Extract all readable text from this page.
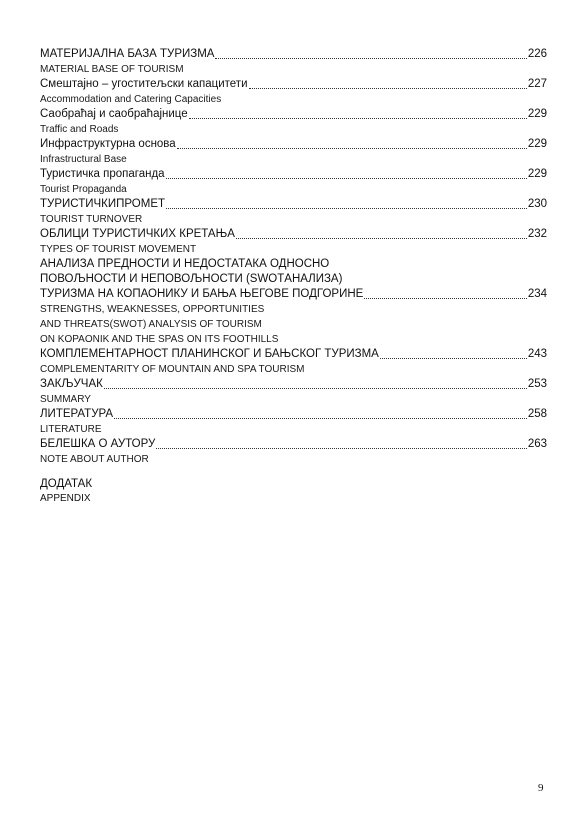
МАТЕРИЈАЛНА БАЗА ТУРИЗМА	226
MATERIAL BASE OF TOURISM
Смештајно – угоститељски капацитети	227
Accommodation and Catering Capacities
Саобраћај и саобраћајнице	229
Traffic and Roads
Инфраструктурна основа	229
Infrastructural Base
Туристичка пропаганда	229
Tourist Propaganda
ТУРИСТИЧКИПРОМЕТ	230
TOURIST TURNOVER
ОБЛИЦИ ТУРИСТИЧКИХ КРЕТАЊА	232
TYPES OF TOURIST MOVEMENT
АНАЛИЗА ПРЕДНОСТИ И НЕДОСТАТАКА ОДНОСНО
ПОВОЉНОСТИ И НЕПОВОЉНОСТИ (SWOTАНАЛИЗА)
ТУРИЗМА НА КОПАОНИКУ И БАЊА ЊЕГОВЕ ПОДГОРИНЕ	234
STRENGTHS, WEAKNESSES, OPPORTUNITIES
AND THREATS(SWOT) ANALYSIS OF TOURISM
ON KOPAONIK AND THE SPAS ON ITS FOOTHILLS
КОМПЛЕМЕНТАРНОСТ ПЛАНИНСКОГ И БАЊСКОГ ТУРИЗМА	243
COMPLEMENTARITY OF MOUNTAIN AND SPA TOURISM
ЗАКЉУЧАК	253
SUMMARY
ЛИТЕРАТУРА	258
LITERATURE
БЕЛЕШКА О АУТОРУ	263
NOTE ABOUT AUTHOR
ДОДАТАК
APPENDIX
9
